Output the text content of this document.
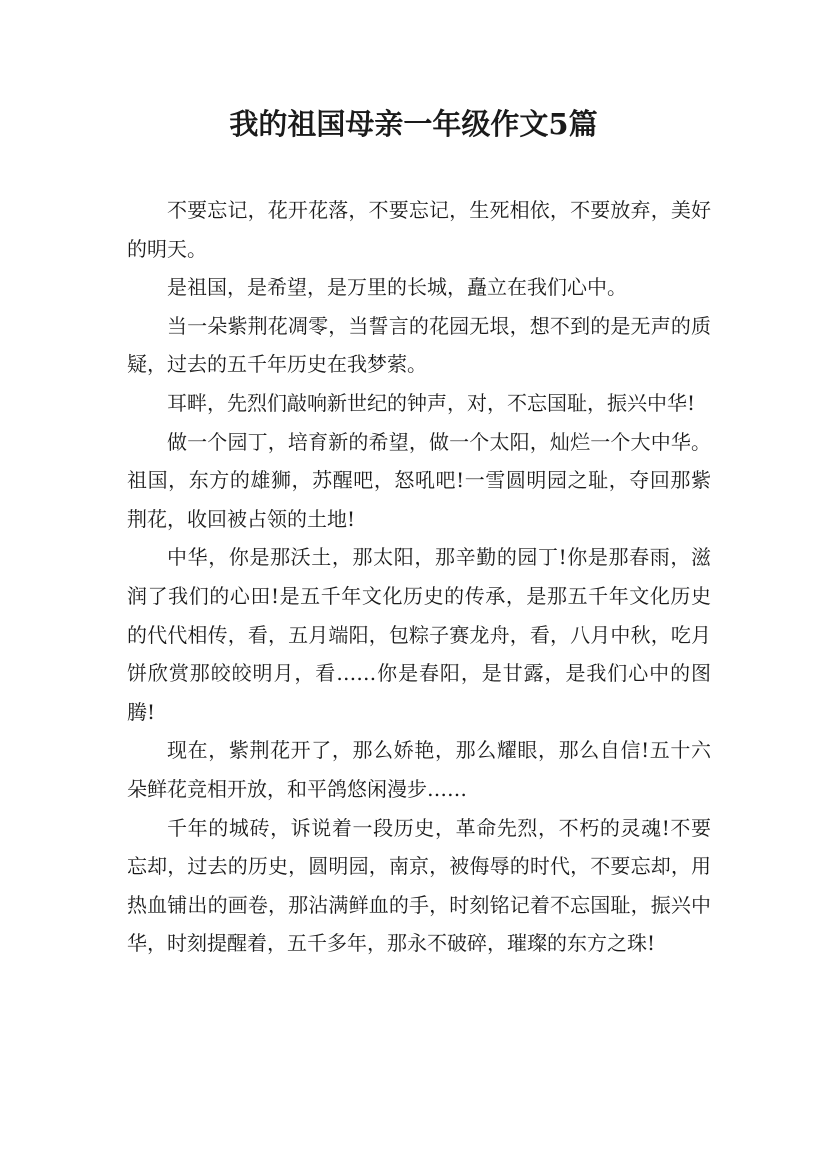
我的祖国母亲一年级作文5篇

不要忘记，花开花落，不要忘记，生死相依，不要放弃，美好的明天。

是祖国，是希望，是万里的长城，矗立在我们心中。

当一朵紫荆花凋零，当誓言的花园无垠，想不到的是无声的质疑，过去的五千年历史在我梦萦。

耳畔，先烈们敲响新世纪的钟声，对，不忘国耻，振兴中华!

做一个园丁，培育新的希望，做一个太阳，灿烂一个大中华。祖国，东方的雄狮，苏醒吧，怒吼吧!一雪圆明园之耻，夺回那紫荆花，收回被占领的土地!

中华，你是那沃土，那太阳，那辛勤的园丁!你是那春雨，滋润了我们的心田!是五千年文化历史的传承，是那五千年文化历史的代代相传，看，五月端阳，包粽子赛龙舟，看，八月中秋，吃月饼欣赏那皎皎明月，看……你是春阳，是甘露，是我们心中的图腾!

现在，紫荆花开了，那么娇艳，那么耀眼，那么自信!五十六朵鲜花竞相开放，和平鸽悠闲漫步……

千年的城砖，诉说着一段历史，革命先烈，不朽的灵魂!不要忘却，过去的历史，圆明园，南京，被侮辱的时代，不要忘却，用热血铺出的画卷，那沾满鲜血的手，时刻铭记着不忘国耻，振兴中华，时刻提醒着，五千多年，那永不破碎，璀璨的东方之珠!
